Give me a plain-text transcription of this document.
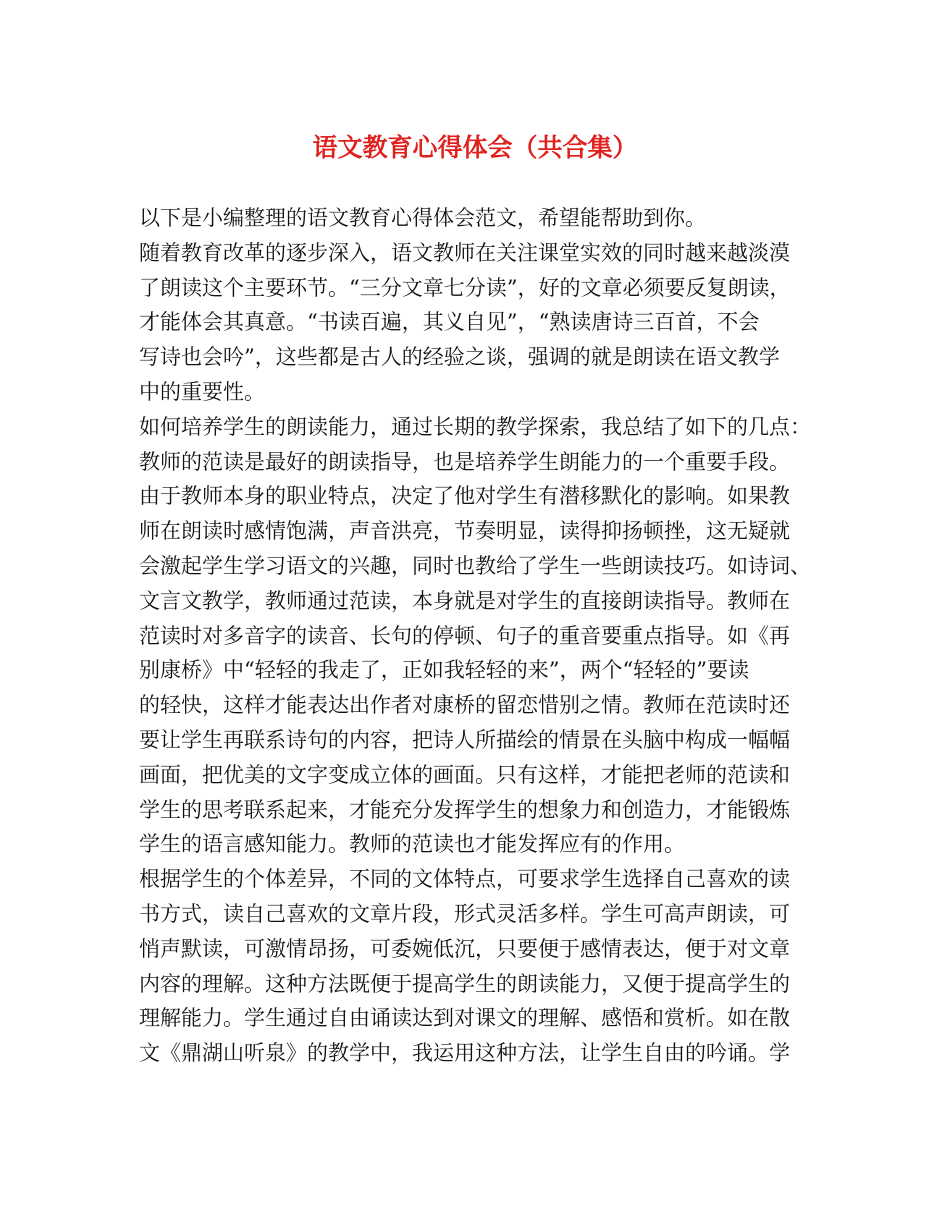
语文教育心得体会（共合集）

以下是小编整理的语文教育心得体会范文，希望能帮助到你。

随着教育改革的逐步深入，语文教师在关注课堂实效的同时越来越淡漠

了朗读这个主要环节。“三分文章七分读”，好的文章必须要反复朗读，

才能体会其真意。“书读百遍，其义自见”，“熟读唐诗三百首，不会

写诗也会吟”，这些都是古人的经验之谈，强调的就是朗读在语文教学

中的重要性。

如何培养学生的朗读能力，通过长期的教学探索，我总结了如下的几点：

教师的范读是最好的朗读指导，也是培养学生朗能力的一个重要手段。

由于教师本身的职业特点，决定了他对学生有潜移默化的影响。如果教

师在朗读时感情饱满，声音洪亮，节奏明显，读得抑扬顿挫，这无疑就

会激起学生学习语文的兴趣，同时也教给了学生一些朗读技巧。如诗词、

文言文教学，教师通过范读，本身就是对学生的直接朗读指导。教师在

范读时对多音字的读音、长句的停顿、句子的重音要重点指导。如《再

别康桥》中“轻轻的我走了，正如我轻轻的来”，两个“轻轻的”要读

的轻快，这样才能表达出作者对康桥的留恋惜别之情。教师在范读时还

要让学生再联系诗句的内容，把诗人所描绘的情景在头脑中构成一幅幅

画面，把优美的文字变成立体的画面。只有这样，才能把老师的范读和

学生的思考联系起来，才能充分发挥学生的想象力和创造力，才能锻炼

学生的语言感知能力。教师的范读也才能发挥应有的作用。

根据学生的个体差异，不同的文体特点，可要求学生选择自己喜欢的读

书方式，读自己喜欢的文章片段，形式灵活多样。学生可高声朗读，可

悄声默读，可激情昂扬，可委婉低沉，只要便于感情表达，便于对文章

内容的理解。这种方法既便于提高学生的朗读能力，又便于提高学生的

理解能力。学生通过自由诵读达到对课文的理解、感悟和赏析。如在散

文《鼎湖山听泉》的教学中，我运用这种方法，让学生自由的吟诵。学
